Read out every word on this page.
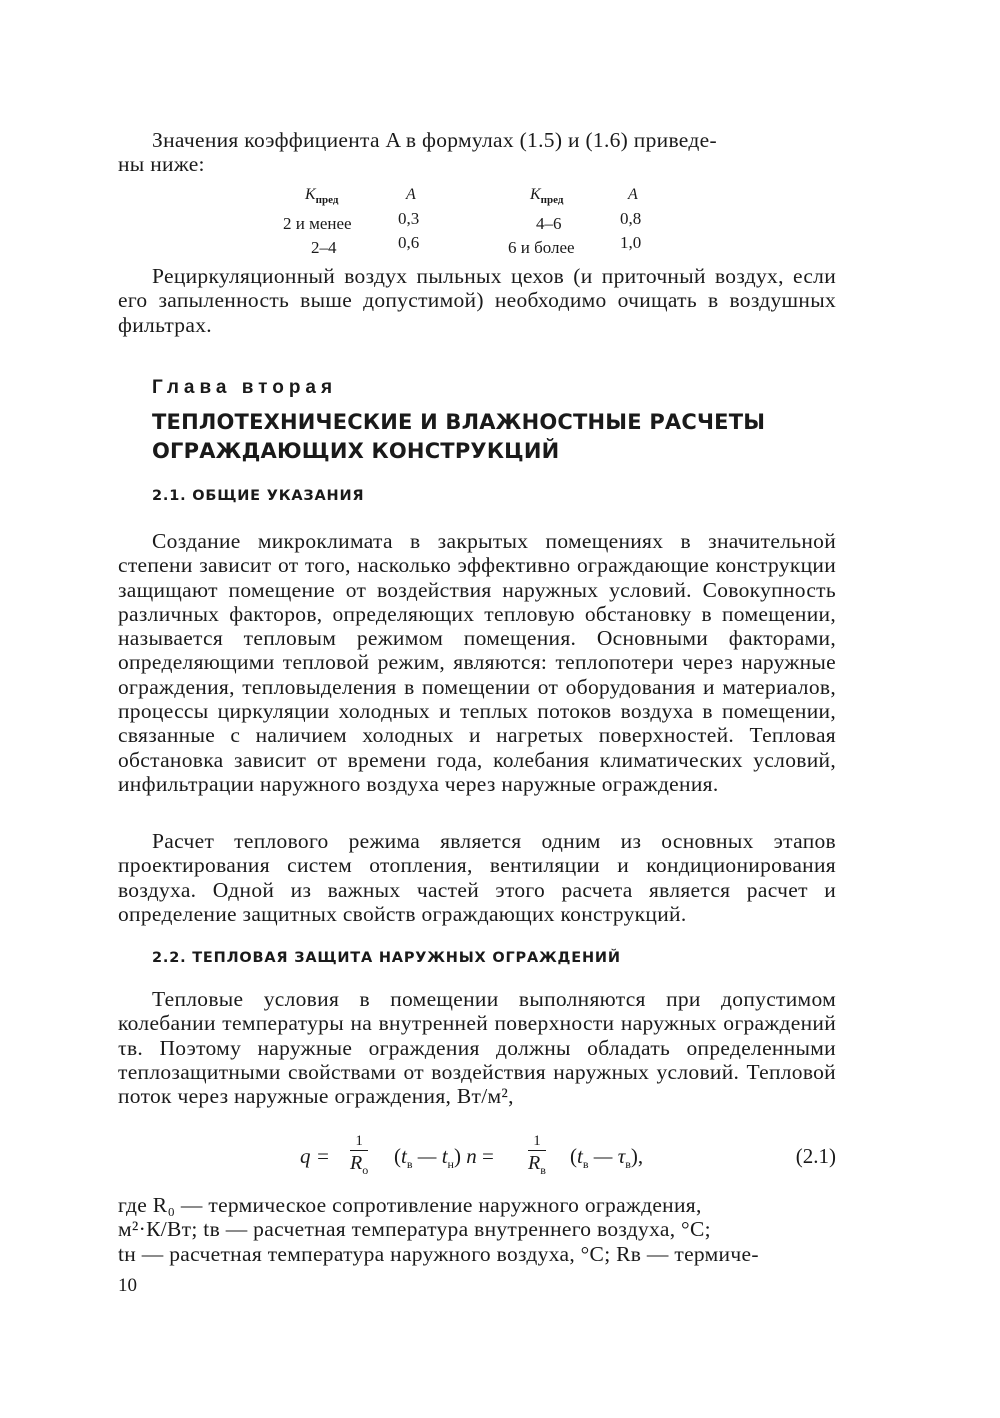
Значения коэффициента A в формулах (1.5) и (1.6) приведе-
ны ниже:
$К_{пред}$
2 и менее
2–4
A
0,3
0,6
$К_{пред}$
4–6
6 и более
A
0,8
1,0
Рециркуляционный воздух пыльных цехов (и приточный воздух, если его запыленность выше допустимой) необходимо очищать в воздушных фильтрах.
Глава вторая
ТЕПЛОТЕХНИЧЕСКИЕ И ВЛАЖНОСТНЫЕ РАСЧЕТЫ
ОГРАЖДАЮЩИХ КОНСТРУКЦИЙ
2.1. ОБЩИЕ УКАЗАНИЯ
Создание микроклимата в закрытых помещениях в значительной степени зависит от того, насколько эффективно ограждающие конструкции защищают помещение от воздействия наружных условий. Совокупность различных факторов, определяющих тепловую обстановку в помещении, называется тепловым режимом помещения. Основными факторами, определяющими тепловой режим, являются: теплопотери через наружные ограждения, тепловыделения в помещении от оборудования и материалов, процессы циркуляции холодных и теплых потоков воздуха в помещении, связанные с наличием холодных и нагретых поверхностей. Тепловая обстановка зависит от времени года, колебания климатических условий, инфильтрации наружного воздуха через наружные ограждения.
Расчет теплового режима является одним из основных этапов проектирования систем отопления, вентиляции и кондиционирования воздуха. Одной из важных частей этого расчета является расчет и определение защитных свойств ограждающих конструкций.
2.2. ТЕПЛОВАЯ ЗАЩИТА НАРУЖНЫХ ОГРАЖДЕНИЙ
Тепловые условия в помещении выполняются при допустимом колебании температуры на внутренней поверхности наружных ограждений τв. Поэтому наружные ограждения должны обладать определенными теплозащитными свойствами от воздействия наружных условий. Тепловой поток через наружные ограждения, Вт/м²,
q =
1
$R_о$
($t_в$ — $t_н$) n =
1
$R_в$
($t_в$ — $\tau_в$),	(2.1)
где R₀ — термическое сопротивление наружного ограждения,
м²·К/Вт; tв — расчетная температура внутреннего воздуха, °С;
tн — расчетная температура наружного воздуха, °С; Rв — термиче-
10
